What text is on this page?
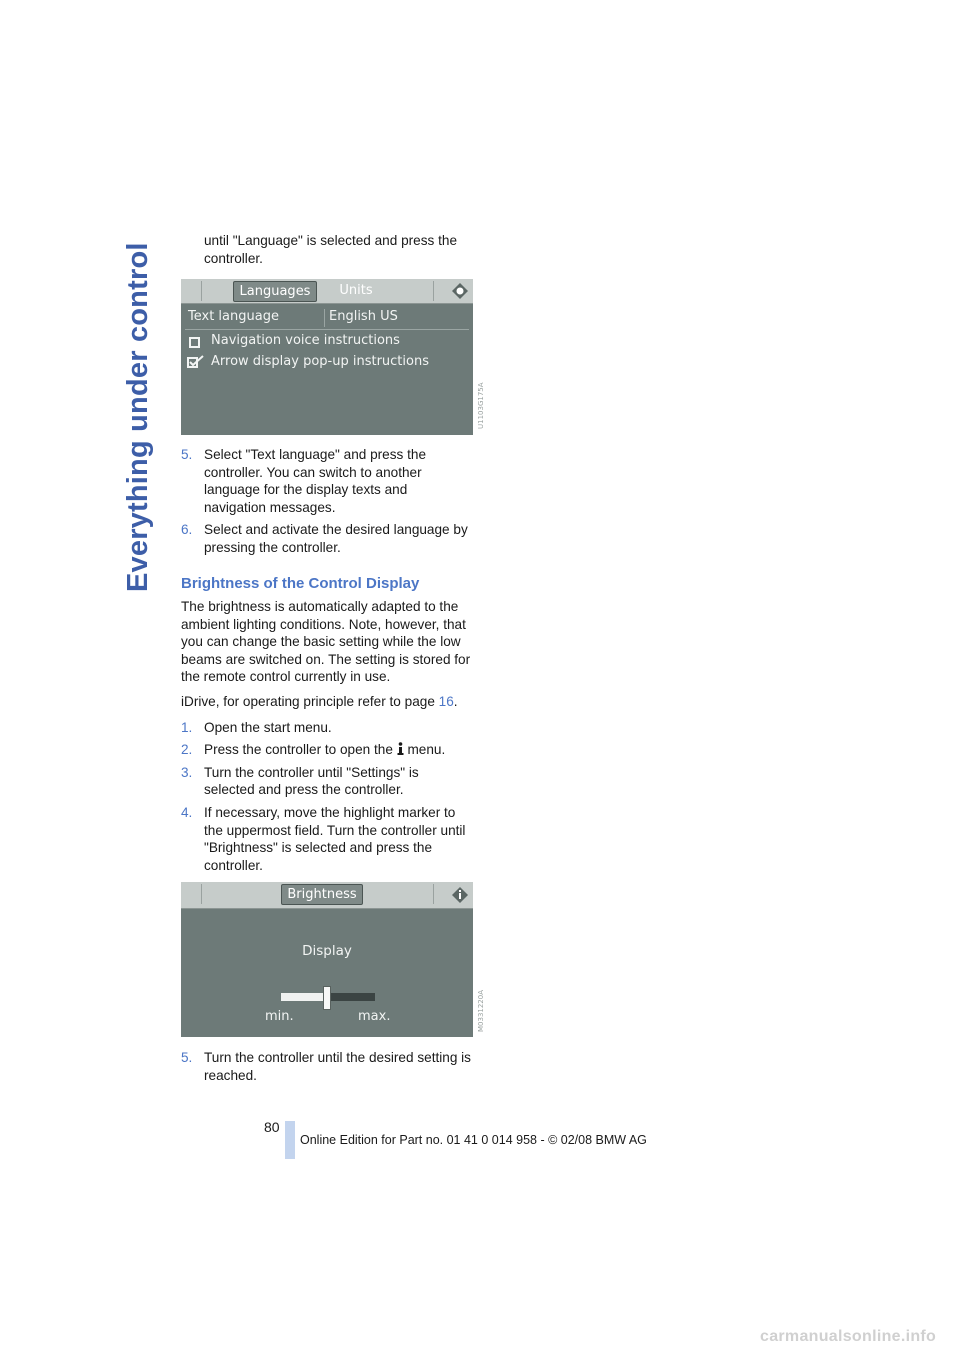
Everything under control

until "Language" is selected and press the controller.

Languages	Units
Text language	English US
Navigation voice instructions
Arrow display pop-up instructions
U1103G175A
5. Select "Text language" and press the controller. You can switch to another language for the display texts and navigation messages.
6. Select and activate the desired language by pressing the controller.
Brightness of the Control Display

The brightness is automatically adapted to the ambient lighting conditions. Note, however, that you can change the basic setting while the low beams are switched on. The setting is stored for the remote control currently in use.

iDrive, for operating principle refer to page 16.

1. Open the start menu.
2. Press the controller to open the  menu.
3. Turn the controller until "Settings" is selected and press the controller.
4. If necessary, move the highlight marker to the uppermost field. Turn the controller until "Brightness" is selected and press the controller.
Brightness
Display
min.	max.	M0331220A
5. Turn the controller until the desired setting is reached.
80
Online Edition for Part no. 01 41 0 014 958 - © 02/08 BMW AG
carmanualsonline.info
